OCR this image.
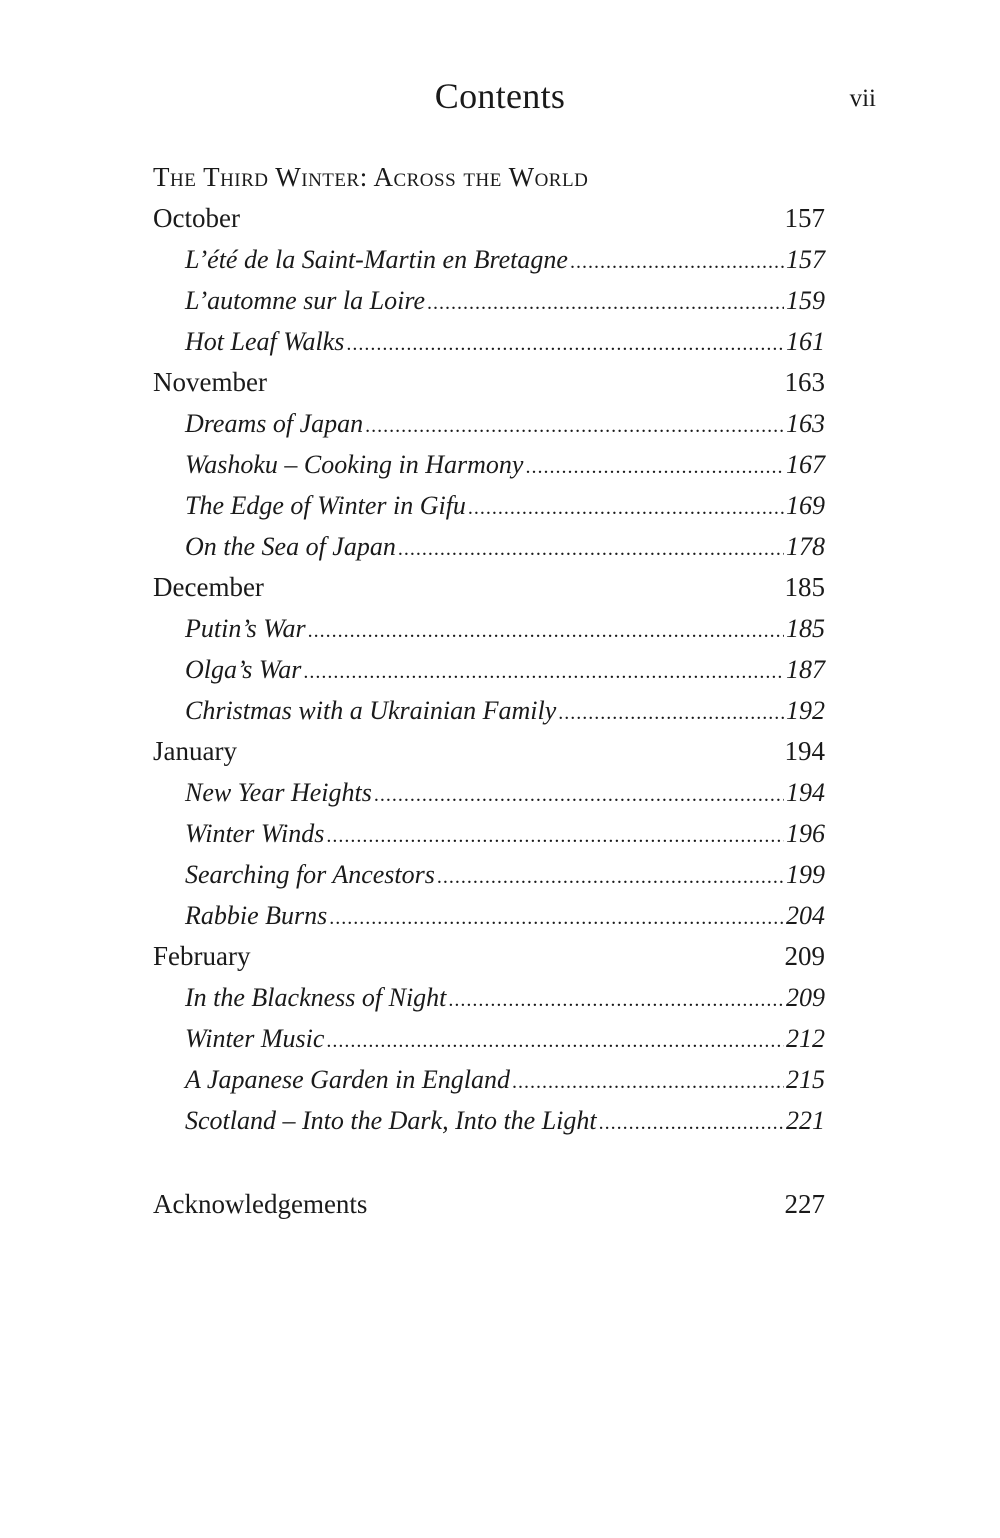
Contents	vii
The Third Winter: Across the World
October	157
L’été de la Saint-Martin en Bretagne .....	157
L’automne sur la Loire .....	159
Hot Leaf Walks .....	161
November	163
Dreams of Japan .....	163
Washoku – Cooking in Harmony .....	167
The Edge of Winter in Gifu .....	169
On the Sea of Japan .....	178
December	185
Putin’s War .....	185
Olga’s War .....	187
Christmas with a Ukrainian Family .....	192
January	194
New Year Heights .....	194
Winter Winds .....	196
Searching for Ancestors .....	199
Rabbie Burns .....	204
February	209
In the Blackness of Night .....	209
Winter Music .....	212
A Japanese Garden in England .....	215
Scotland – Into the Dark, Into the Light .....	221
Acknowledgements	227
